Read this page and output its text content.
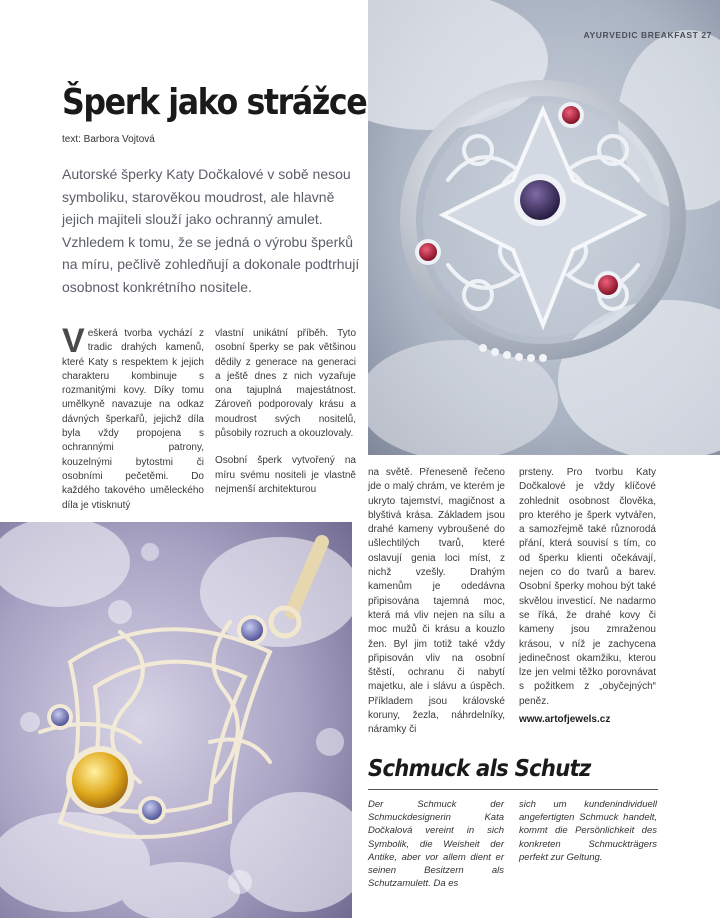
AYURVEDIC BREAKFAST 27
Šperk jako strážce
text: Barbora Vojtová

Autorské šperky Katy Dočkalové v sobě nesou symboliku, starověkou moudrost, ale hlavně jejich majiteli slouží jako ochranný amulet. Vzhledem k tomu, že se jedná o výrobu šperků na míru, pečlivě zohledňují a dokonale podtrhují osobnost konkrétního nositele.

Veškerá tvorba vychází z tradic drahých kamenů, které Katy s respektem k jejich charakteru kombinuje s rozmanitými kovy. Díky tomu umělkyně navazuje na odkaz dávných šperkařů, jejichž díla byla vždy propojena s ochrannými patrony, kouzelnými bytostmi či osobními pečetěmi. Do každého takového uměleckého díla je vtisknutý

vlastní unikátní příběh. Tyto osobní šperky se pak většinou dědily z generace na generaci a ještě dnes z nich vyzařuje ona tajuplná majestátnost. Zároveň podporovaly krásu a moudrost svých nositelů, působily rozruch a okouzlovaly.

Osobní šperk vytvořený na míru svému nositeli je vlastně nejmenší architekturou

na světě. Přeneseně řečeno jde o malý chrám, ve kterém je ukryto tajemství, magičnost a blyštivá krása. Základem jsou drahé kameny vybroušené do ušlechtilých tvarů, které oslavují genia loci míst, z nichž vzešly. Drahým kamenům je odedávna připisována tajemná moc, která má vliv nejen na sílu a moc mužů či krásu a kouzlo žen. Byl jim totiž také vždy připisován vliv na osobní štěstí, ochranu či nabytí majetku, ale i slávu a úspěch. Příkladem jsou královské koruny, žezla, náhrdelníky, náramky či

prsteny. Pro tvorbu Katy Dočkalové je vždy klíčové zohlednit osobnost člověka, pro kterého je šperk vytvářen, a samozřejmě také různorodá přání, která souvisí s tím, co od šperku klienti očekávají, nejen co do tvarů a barev. Osobní šperky mohou být také skvělou investicí. Ne nadarmo se říká, že drahé kovy či kameny jsou zmraženou krásou, v níž je zachycena jedinečnost okamžiku, kterou lze jen velmi těžko porovnávat s požitkem z „obyčejných“ peněz.

www.artofjewels.cz
Schmuck als Schutz

Der Schmuck der Schmuckdesignerin Kata Dočkalová vereint in sich Symbolik, die Weisheit der Antike, aber vor allem dient er seinen Besitzern als Schutzamulett. Da es

sich um kundenindividuell angefertigten Schmuck handelt, kommt die Persönlichkeit des konkreten Schmuckträgers perfekt zur Geltung.
